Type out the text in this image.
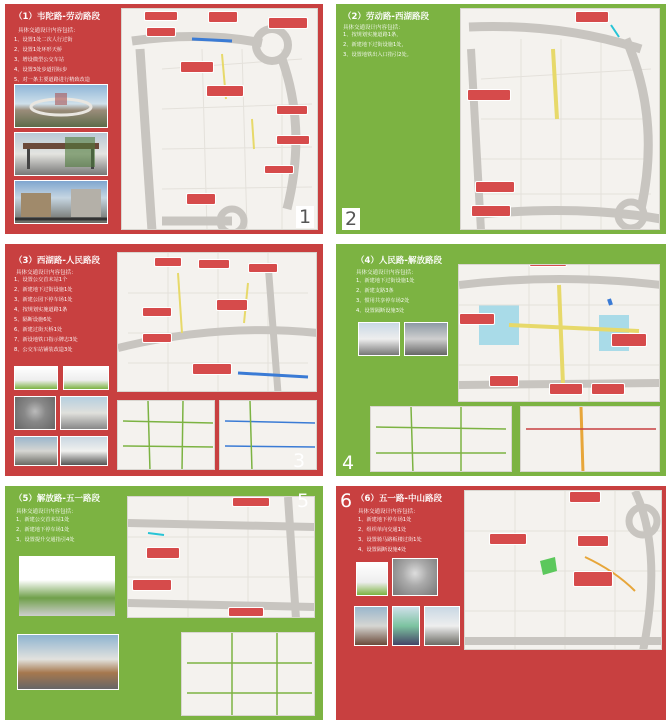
（1）韦陀路-劳动路段
具体交通设计内容包括：
1、设置1处二次人行过街
2、设置1处环形天桥
3、增设微型公交车站
4、设置3处步道招标步
5、对一条主要道路进行精致改造
1
（2）劳动路-西湖路段
具体交通设计内容包括：
1、按规划实施道路1条，
2、新建地下过街设施1处，
3、设置地铁出入口指引2处。
2
（3）西湖路-人民路段
具体交通设计内容包括：
1、设置公交首末站1个
2、新建地下过街设施1处
3、新建公园下停车场1处
4、按规划实施道路1条
5、隔断设施6处
6、新建过街天桥1处
7、新设地铁口指示牌志3处
8、公交车站铺装改造3处
3
（4）人民路-解放路段
具体交通设计内容包括：
1、新建地下过街设施1处
2、新建支路3条
3、惯用共享停车场2处
4、设置隔断设施3处
4
（5）解放路-五一路段
具体交通设计内容包括：
1、新建公交首末站1处
2、新建地下停车场1处
3、设置提升交通指引4处
5	（6）五一路-中山路段
具体交通设计内容包括：
1、新建地下停车场1处
2、组织单向交通1处
3、设置骑马路板楼过街1处
4、设置隔断设施4处
6
